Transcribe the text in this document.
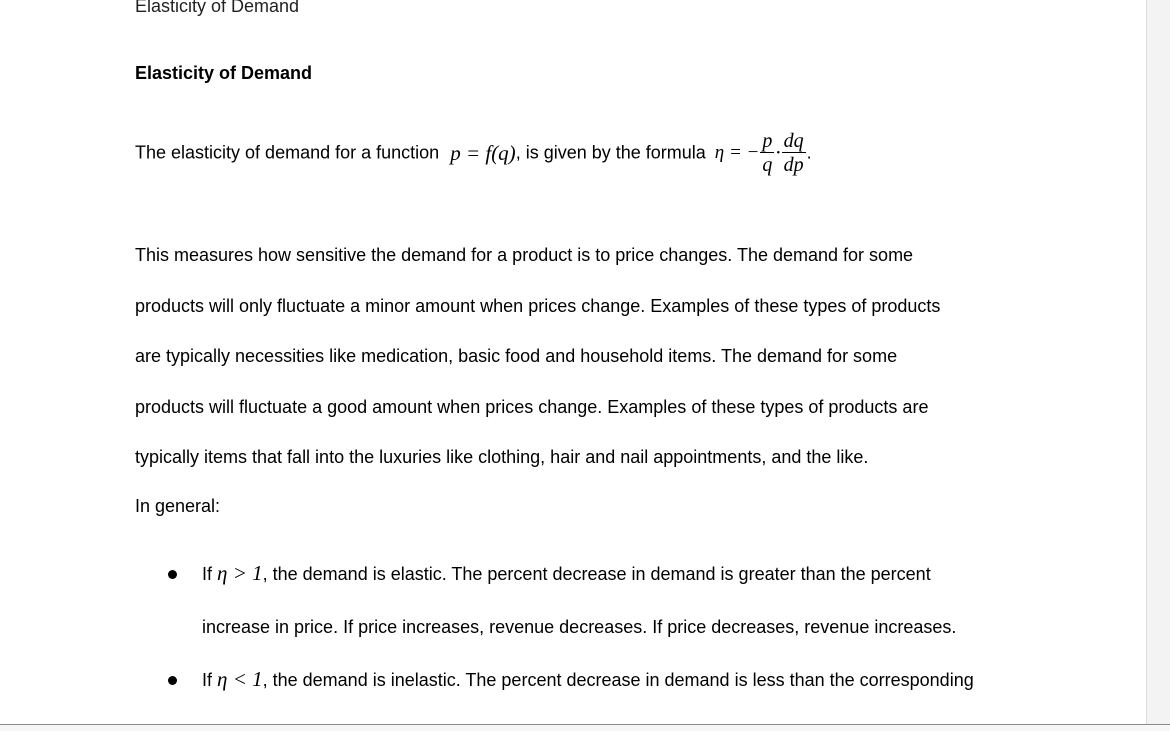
Elasticity of Demand
Elasticity of Demand
The elasticity of demand for a function p = f(q), is given by the formula η = − $\frac{p}{q} \cdot \frac{dq}{dp}$ .
This measures how sensitive the demand for a product is to price changes. The demand for some
products will only fluctuate a minor amount when prices change. Examples of these types of products
are typically necessities like medication, basic food and household items. The demand for some
products will fluctuate a good amount when prices change. Examples of these types of products are
typically items that fall into the luxuries like clothing, hair and nail appointments, and the like.
In general:
If η > 1, the demand is elastic. The percent decrease in demand is greater than the percent
increase in price. If price increases, revenue decreases. If price decreases, revenue increases.
If η < 1, the demand is inelastic. The percent decrease in demand is less than the corresponding
